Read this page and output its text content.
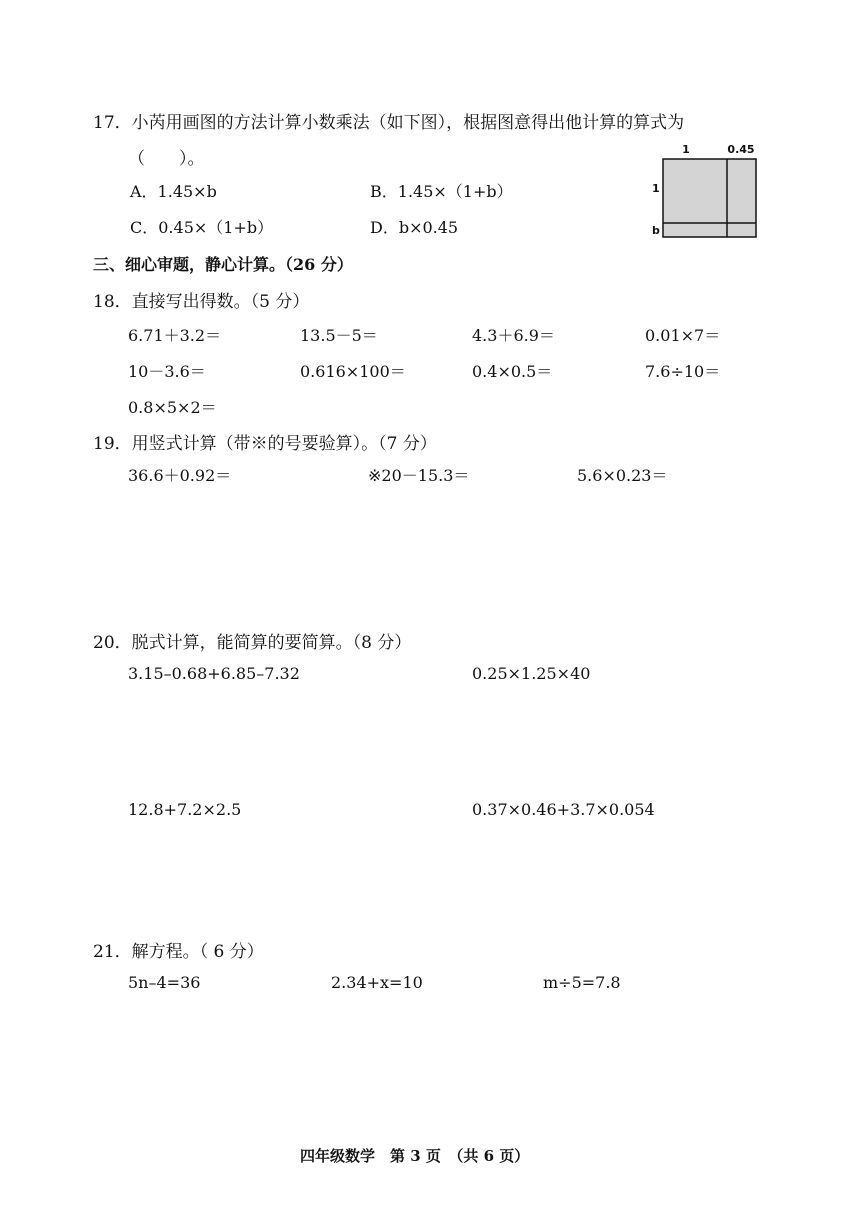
17．小芮用画图的方法计算小数乘法（如下图），根据图意得出他计算的算式为
（　　）。
A．1.45×b	B．1.45×（1+b）
C．0.45×（1+b）	D．b×0.45
1	0.45
1
b
三、细心审题，静心计算。（26 分）
18．直接写出得数。（5 分）
6.71＋3.2＝	13.5－5＝	4.3＋6.9＝	0.01×7＝
10－3.6＝	0.616×100＝	0.4×0.5＝	7.6÷10＝
0.8×5×2＝
19．用竖式计算（带※的号要验算）。（7 分）
36.6＋0.92＝	※20－15.3＝	5.6×0.23＝
20．脱式计算，能简算的要简算。（8 分）
3.15–0.68+6.85–7.32	0.25×1.25×40
12.8+7.2×2.5	0.37×0.46+3.7×0.054
21．解方程。（ 6 分）
5n–4=36	2.34+x=10	m÷5=7.8
四年级数学　第 3 页　（共 6 页）
